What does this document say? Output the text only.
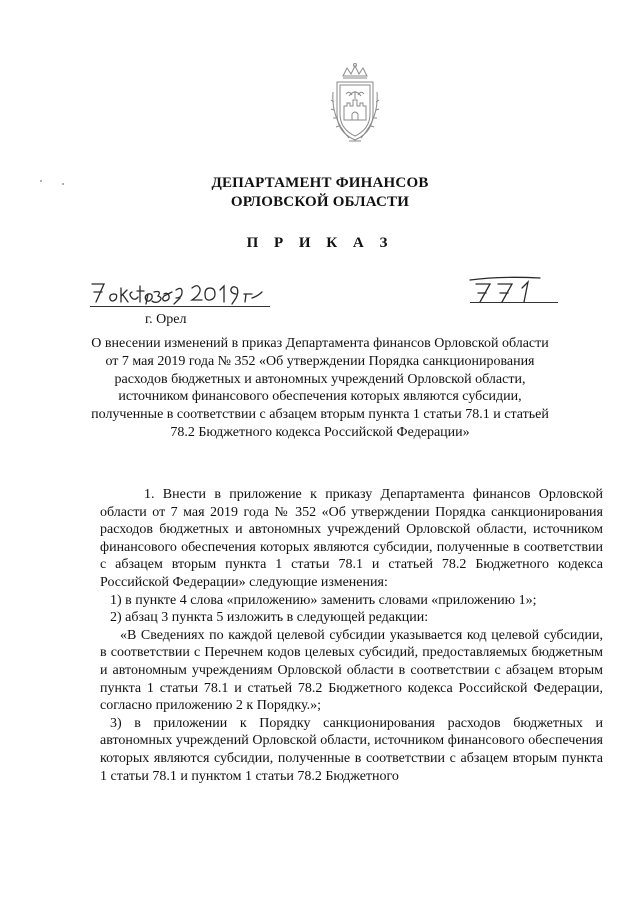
ДЕПАРТАМЕНТ ФИНАНСОВ
ОРЛОВСКОЙ ОБЛАСТИ
П Р И К А З
г. Орел
О внесении изменений в приказ Департамента финансов Орловской области
от 7 мая 2019 года № 352 «Об утверждении Порядка санкционирования
расходов бюджетных и автономных учреждений Орловской области,
источником финансового обеспечения которых являются субсидии,
полученные в соответствии с абзацем вторым пункта 1 статьи 78.1 и статьей
78.2 Бюджетного кодекса Российской Федерации»

1. Внести в приложение к приказу Департамента финансов Орловской области от 7 мая 2019 года № 352 «Об утверждении Порядка санкционирования расходов бюджетных и автономных учреждений Орловской области, источником финансового обеспечения которых являются субсидии, полученные в соответствии с абзацем вторым пункта 1 статьи 78.1 и статьей 78.2 Бюджетного кодекса Российской Федерации» следующие изменения:

1) в пункте 4 слова «приложению» заменить словами «приложению 1»;

2) абзац 3 пункта 5 изложить в следующей редакции:

«В Сведениях по каждой целевой субсидии указывается код целевой субсидии, в соответствии с Перечнем кодов целевых субсидий, предоставляемых бюджетным и автономным учреждениям Орловской области в соответствии с абзацем вторым пункта 1 статьи 78.1 и статьей 78.2 Бюджетного кодекса Российской Федерации, согласно приложению 2 к Порядку.»;

3) в приложении к Порядку санкционирования расходов бюджетных и автономных учреждений Орловской области, источником финансового обеспечения которых являются субсидии, полученные в соответствии с абзацем вторым пункта 1 статьи 78.1 и пунктом 1 статьи 78.2 Бюджетного
